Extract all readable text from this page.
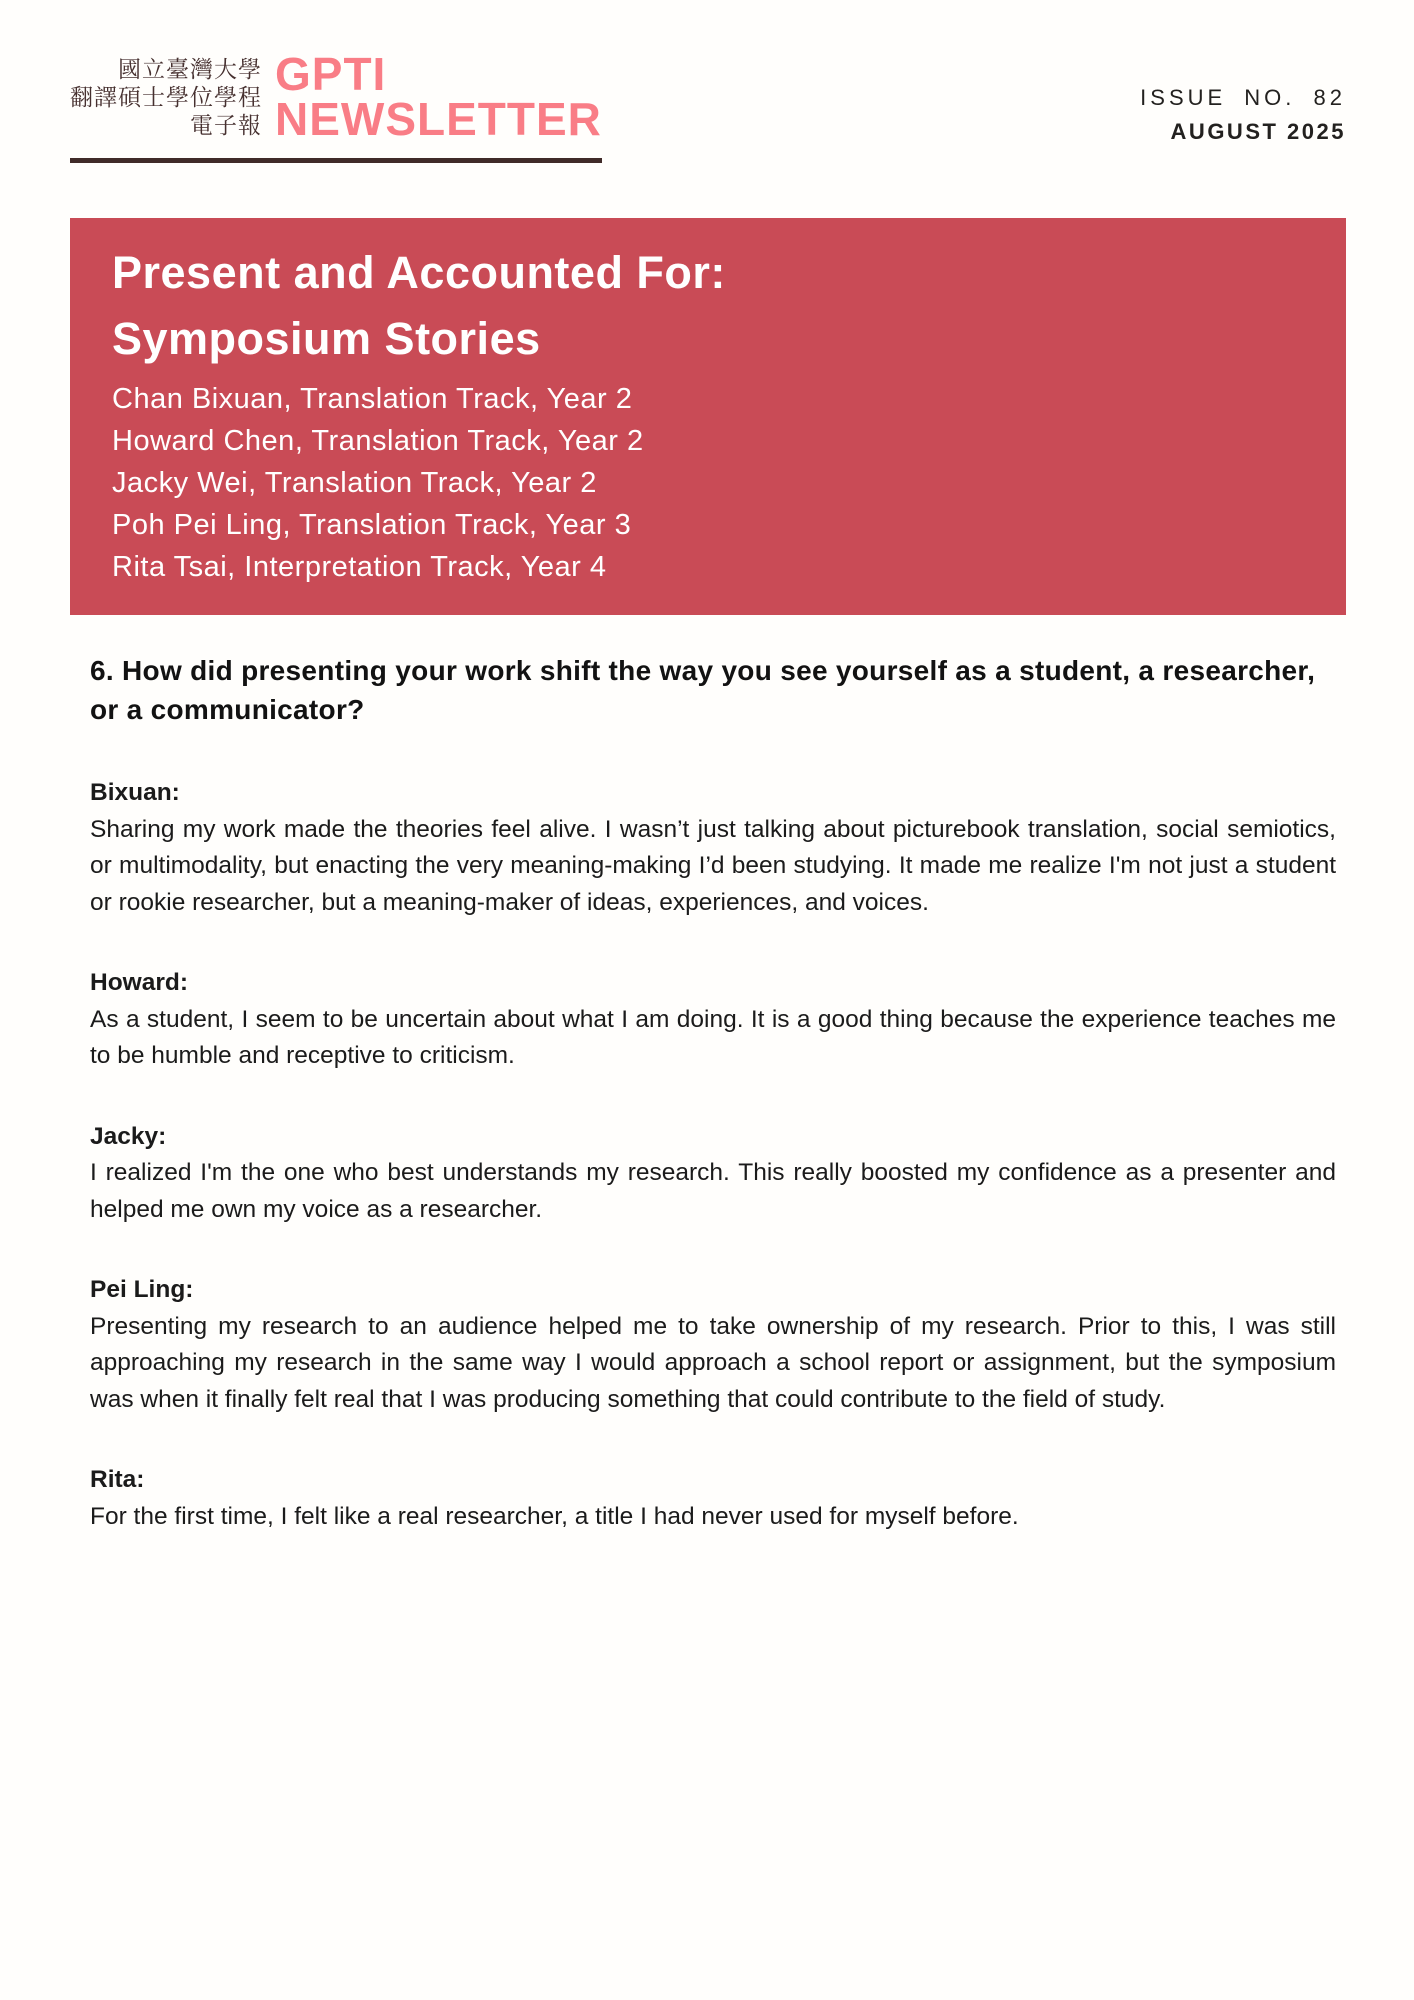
國立臺灣大學
翻譯碩士學位學程
電子報
GPTI
NEWSLETTER	ISSUE NO. 82
AUGUST 2025
Present and Accounted For:
Symposium Stories
Chan Bixuan, Translation Track, Year 2
Howard Chen, Translation Track, Year 2
Jacky Wei, Translation Track, Year 2
Poh Pei Ling, Translation Track, Year 3
Rita Tsai, Interpretation Track, Year 4
6. How did presenting your work shift the way you see yourself as a student, a researcher, or a communicator?
Bixuan:

Sharing my work made the theories feel alive. I wasn’t just talking about picturebook translation, social semiotics, or multimodality, but enacting the very meaning-making I’d been studying. It made me realize I'm not just a student or rookie researcher, but a meaning-maker of ideas, experiences, and voices.

Howard:

As a student, I seem to be uncertain about what I am doing. It is a good thing because the experience teaches me to be humble and receptive to criticism.

Jacky:

I realized I'm the one who best understands my research. This really boosted my confidence as a presenter and helped me own my voice as a researcher.

Pei Ling:

Presenting my research to an audience helped me to take ownership of my research. Prior to this, I was still approaching my research in the same way I would approach a school report or assignment, but the symposium was when it finally felt real that I was producing something that could contribute to the field of study.

Rita:

For the first time, I felt like a real researcher, a title I had never used for myself before.
